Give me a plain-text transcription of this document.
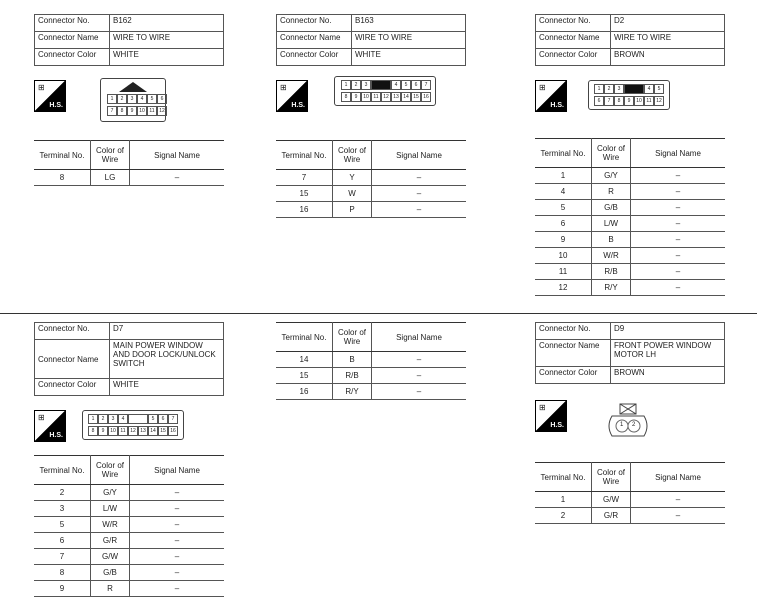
Connector No.	B162
Connector Name	WIRE TO WIRE
Connector Color	WHITE
⊞
H.S.
1	2	3	4	5	6
7	8	9	10 11 12
Terminal No.	Color of Wire	Signal Name
8	LG	–
Connector No.	B163
Connector Name	WIRE TO WIRE
Connector Color	WHITE
⊞
H.S.
1	2	3	4	5	6	7
8	9	10 11 12 13 14 15 16
Terminal No.	Color of Wire	Signal Name
7	Y	–
15	W	–
16	P	–
Connector No.	D2
Connector Name	WIRE TO WIRE
Connector Color	BROWN
⊞
H.S.
1	2	3	4	5
6	7	8	9	10 11 12
Terminal No.	Color of Wire	Signal Name
1	G/Y	–
4	R	–
5	G/B	–
6	L/W	–
9	B	–
10	W/R	–
11	R/B	–
12	R/Y	–
Connector No.	D7
Connector Name	MAIN POWER WINDOW AND DOOR LOCK/UNLOCK SWITCH
Connector Color	WHITE
⊞
H.S.
1	2	3	4	5	6	7
8	9	10 11 12 13 14 15 16
Terminal No.	Color of Wire	Signal Name
2	G/Y	–
3	L/W	–
5	W/R	–
6	G/R	–
7	G/W	–
8	G/B	–
9	R	–
Terminal No.	Color of Wire	Signal Name
14	B	–
15	R/B	–
16	R/Y	–
Connector No.	D9
Connector Name	FRONT POWER WINDOW MOTOR LH
Connector Color	BROWN
⊞
H.S.	1 2
Terminal No.	Color of Wire	Signal Name
1	G/W	–
2	G/R	–
